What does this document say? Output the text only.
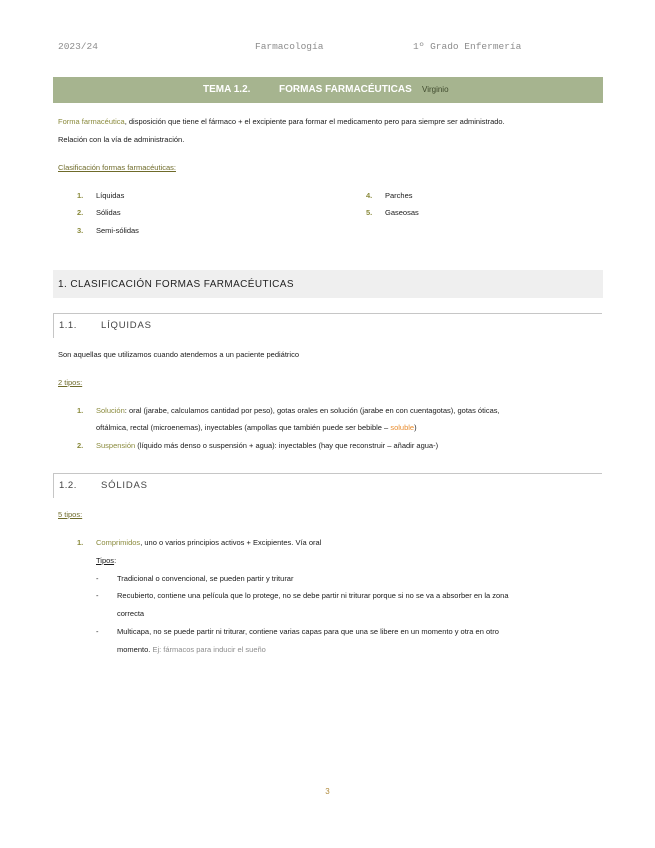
2023/24	Farmacología	1º Grado Enfermería
TEMA 1.2.	FORMAS FARMACÉUTICAS Virginio
Forma farmacéutica, disposición que tiene el fármaco + el excipiente para formar el medicamento pero para siempre ser administrado.
Relación con la vía de administración.
Clasificación formas farmacéuticas:
1. Líquidas
2. Sólidas
3. Semi-sólidas
4. Parches
5. Gaseosas
1. CLASIFICACIÓN FORMAS FARMACÉUTICAS
1.1.	LÍQUIDAS
Son aquellas que utilizamos cuando atendemos a un paciente pediátrico
2 tipos:
1. Solución: oral (jarabe, calculamos cantidad por peso), gotas orales en solución (jarabe en con cuentagotas), gotas óticas,
oftálmica, rectal (microenemas), inyectables (ampollas que también puede ser bebible – soluble)
2. Suspensión (líquido más denso o suspensión + agua): inyectables (hay que reconstruir – añadir agua-)
1.2.	SÓLIDAS
5 tipos:
1. Comprimidos, uno o varios principios activos + Excipientes. Vía oral
Tipos:
- Tradicional o convencional, se pueden partir y triturar
- Recubierto, contiene una película que lo protege, no se debe partir ni triturar porque si no se va a absorber en la zona
correcta
- Multicapa, no se puede partir ni triturar, contiene varias capas para que una se libere en un momento y otra en otro
momento. Ej: fármacos para inducir el sueño
3
